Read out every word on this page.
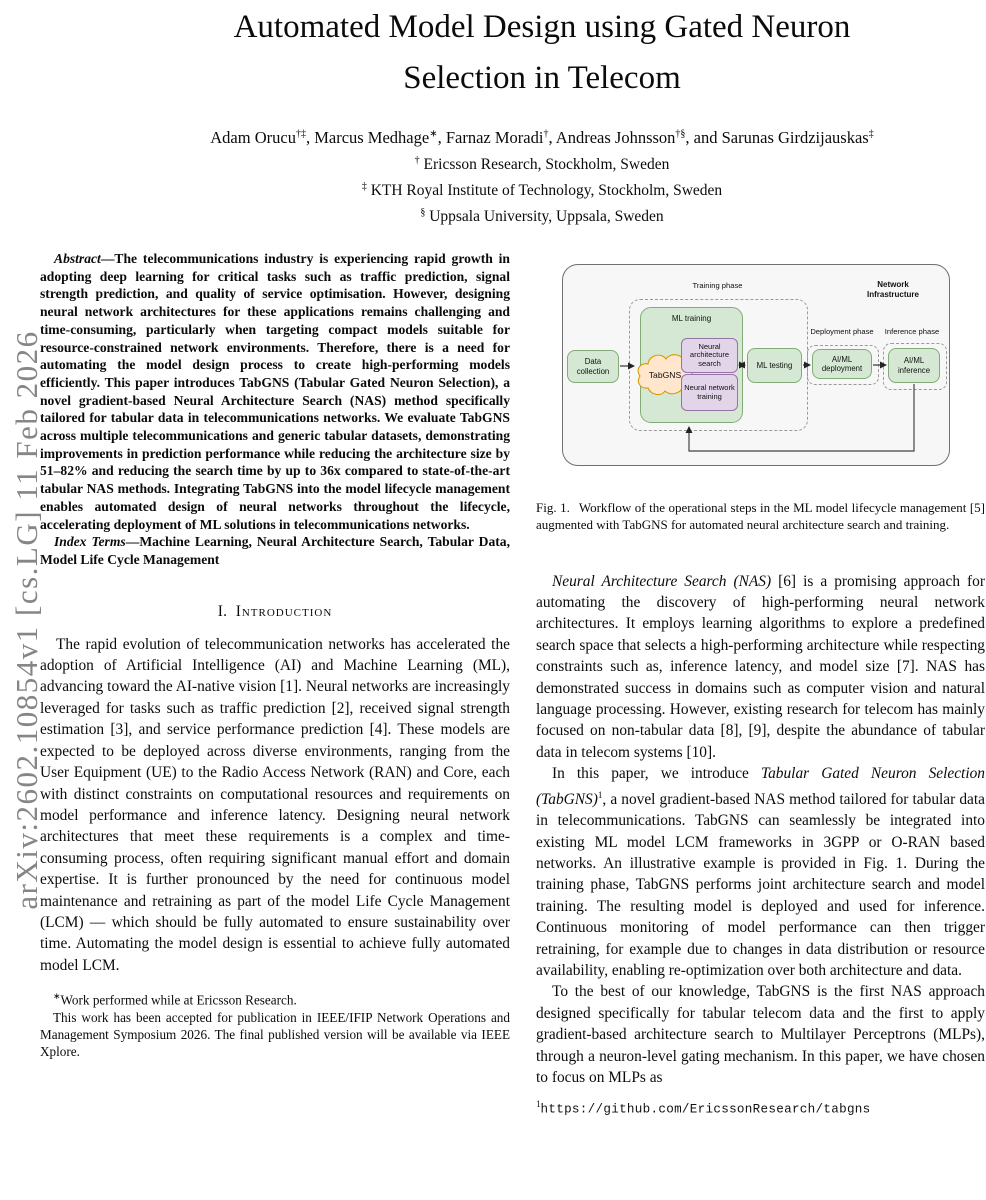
arXiv:2602.10854v1 [cs.LG] 11 Feb 2026
Automated Model Design using Gated Neuron
Selection in Telecom
Adam Orucu†‡, Marcus Medhage∗, Farnaz Moradi†, Andreas Johnsson†§, and Sarunas Girdzijauskas‡
† Ericsson Research, Stockholm, Sweden
‡ KTH Royal Institute of Technology, Stockholm, Sweden
§ Uppsala University, Uppsala, Sweden

Abstract—The telecommunications industry is experiencing rapid growth in adopting deep learning for critical tasks such as traffic prediction, signal strength prediction, and quality of service optimisation. However, designing neural network architectures for these applications remains challenging and time-consuming, particularly when targeting compact models suitable for resource-constrained network environments. Therefore, there is a need for automating the model design process to create high-performing models efficiently. This paper introduces TabGNS (Tabular Gated Neuron Selection), a novel gradient-based Neural Architecture Search (NAS) method specifically tailored for tabular data in telecommunications networks. We evaluate TabGNS across multiple telecommunications and generic tabular datasets, demonstrating improvements in prediction performance while reducing the architecture size by 51–82% and reducing the search time by up to 36x compared to state-of-the-art tabular NAS methods. Integrating TabGNS into the model lifecycle management enables automated design of neural networks throughout the lifecycle, accelerating deployment of ML solutions in telecommunications networks.

Index Terms—Machine Learning, Neural Architecture Search, Tabular Data, Model Life Cycle Management

I. Introduction

The rapid evolution of telecommunication networks has accelerated the adoption of Artificial Intelligence (AI) and Machine Learning (ML), advancing toward the AI-native vision [1]. Neural networks are increasingly leveraged for tasks such as traffic prediction [2], received signal strength estimation [3], and service performance prediction [4]. These models are expected to be deployed across diverse environments, ranging from the User Equipment (UE) to the Radio Access Network (RAN) and Core, each with distinct constraints on computational resources and requirements on model performance and inference latency. Designing neural network architectures that meet these requirements is a complex and time-consuming process, often requiring significant manual effort and domain expertise. It is further pronounced by the need for continuous model maintenance and retraining as part of the model Life Cycle Management (LCM) — which should be fully automated to ensure sustainability over time. Automating the model design is essential to achieve fully automated model LCM.

∗Work performed while at Ericsson Research.

This work has been accepted for publication in IEEE/IFIP Network Operations and Management Symposium 2026. The final published version will be available via IEEE Xplore.

Training phase	Network
Infrastructure
Deployment phase	Inference phase
Data collection
ML training
ML testing
AI/ML deployment
AI/ML inference
TabGNS
Neural architecture search
Neural network training

Fig. 1. Workflow of the operational steps in the ML model lifecycle management [5] augmented with TabGNS for automated neural architecture search and training.

Neural Architecture Search (NAS) [6] is a promising approach for automating the discovery of high-performing neural network architectures. It employs learning algorithms to explore a predefined search space that selects a high-performing architecture while respecting constraints such as, inference latency, and model size [7]. NAS has demonstrated success in domains such as computer vision and natural language processing. However, existing research for telecom has mainly focused on non-tabular data [8], [9], despite the abundance of tabular data in telecom systems [10].

In this paper, we introduce Tabular Gated Neuron Selection (TabGNS)$^1$, a novel gradient-based NAS method tailored for tabular data in telecommunications. TabGNS can seamlessly be integrated into existing ML model LCM frameworks in 3GPP or O-RAN based networks. An illustrative example is provided in Fig. 1. During the training phase, TabGNS performs joint architecture search and model training. The resulting model is deployed and used for inference. Continuous monitoring of model performance can then trigger retraining, for example due to changes in data distribution or resource availability, enabling re-optimization over both architecture and data.

To the best of our knowledge, TabGNS is the first NAS approach designed specifically for tabular telecom data and the first to apply gradient-based architecture search to Multilayer Perceptrons (MLPs), through a neuron-level gating mechanism. In this paper, we have chosen to focus on MLPs as

$^1$https://github.com/EricssonResearch/tabgns
